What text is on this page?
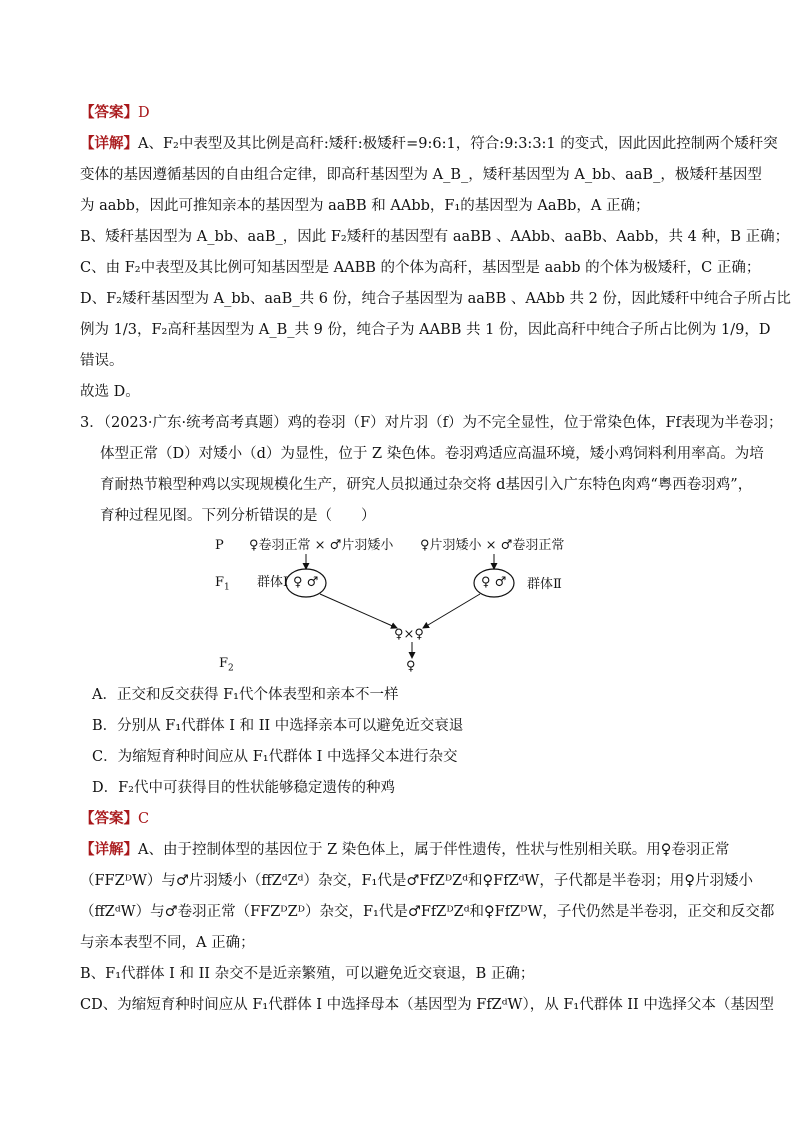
【答案】D
【详解】A、F₂中表型及其比例是高秆:矮秆:极矮秆=9:6:1，符合:9:3:3:1 的变式，因此因此控制两个矮秆突
变体的基因遵循基因的自由组合定律，即高秆基因型为 A_B_，矮秆基因型为 A_bb、aaB_，极矮秆基因型
为 aabb，因此可推知亲本的基因型为 aaBB 和 AAbb，F₁的基因型为 AaBb，A 正确；
B、矮秆基因型为 A_bb、aaB_，因此 F₂矮秆的基因型有 aaBB 、AAbb、aaBb、Aabb，共 4 种，B 正确；
C、由 F₂中表型及其比例可知基因型是 AABB 的个体为高秆，基因型是 aabb 的个体为极矮秆，C 正确；
D、F₂矮秆基因型为 A_bb、aaB_共 6 份，纯合子基因型为 aaBB 、AAbb 共 2 份，因此矮秆中纯合子所占比
例为 1/3，F₂高秆基因型为 A_B_共 9 份，纯合子为 AABB 共 1 份，因此高秆中纯合子所占比例为 1/9，D
错误。
故选 D。
3．（2023·广东·统考高考真题）鸡的卷羽（F）对片羽（f）为不完全显性，位于常染色体，Ff表现为半卷羽；
体型正常（D）对矮小（d）为显性，位于 Z 染色体。卷羽鸡适应高温环境，矮小鸡饲料利用率高。为培
育耐热节粮型种鸡以实现规模化生产，研究人员拟通过杂交将 d基因引入广东特色肉鸡“粤西卷羽鸡”，
育种过程见图。下列分析错误的是（　　）
P ♀卷羽正常 × ♂片羽矮小 ♀片羽矮小 × ♂卷羽正常
$F_1$ 群体Ⅰ ♀ ♂	♀ ♂ 群体Ⅱ
♀×♀
♀
$F_2$
A．正交和反交获得 F₁代个体表型和亲本不一样
B．分别从 F₁代群体 I 和 II 中选择亲本可以避免近交衰退
C．为缩短育种时间应从 F₁代群体 I 中选择父本进行杂交
D．F₂代中可获得目的性状能够稳定遗传的种鸡
【答案】C
【详解】A、由于控制体型的基因位于 Z 染色体上，属于伴性遗传，性状与性别相关联。用♀卷羽正常
（FFZᴰW）与♂片羽矮小（ffZᵈZᵈ）杂交，F₁代是♂FfZᴰZᵈ和♀FfZᵈW，子代都是半卷羽；用♀片羽矮小
（ffZᵈW）与♂卷羽正常（FFZᴰZᴰ）杂交，F₁代是♂FfZᴰZᵈ和♀FfZᴰW，子代仍然是半卷羽，正交和反交都
与亲本表型不同，A 正确；
B、F₁代群体 I 和 II 杂交不是近亲繁殖，可以避免近交衰退，B 正确；
CD、为缩短育种时间应从 F₁代群体 I 中选择母本（基因型为 FfZᵈW），从 F₁代群体 II 中选择父本（基因型
